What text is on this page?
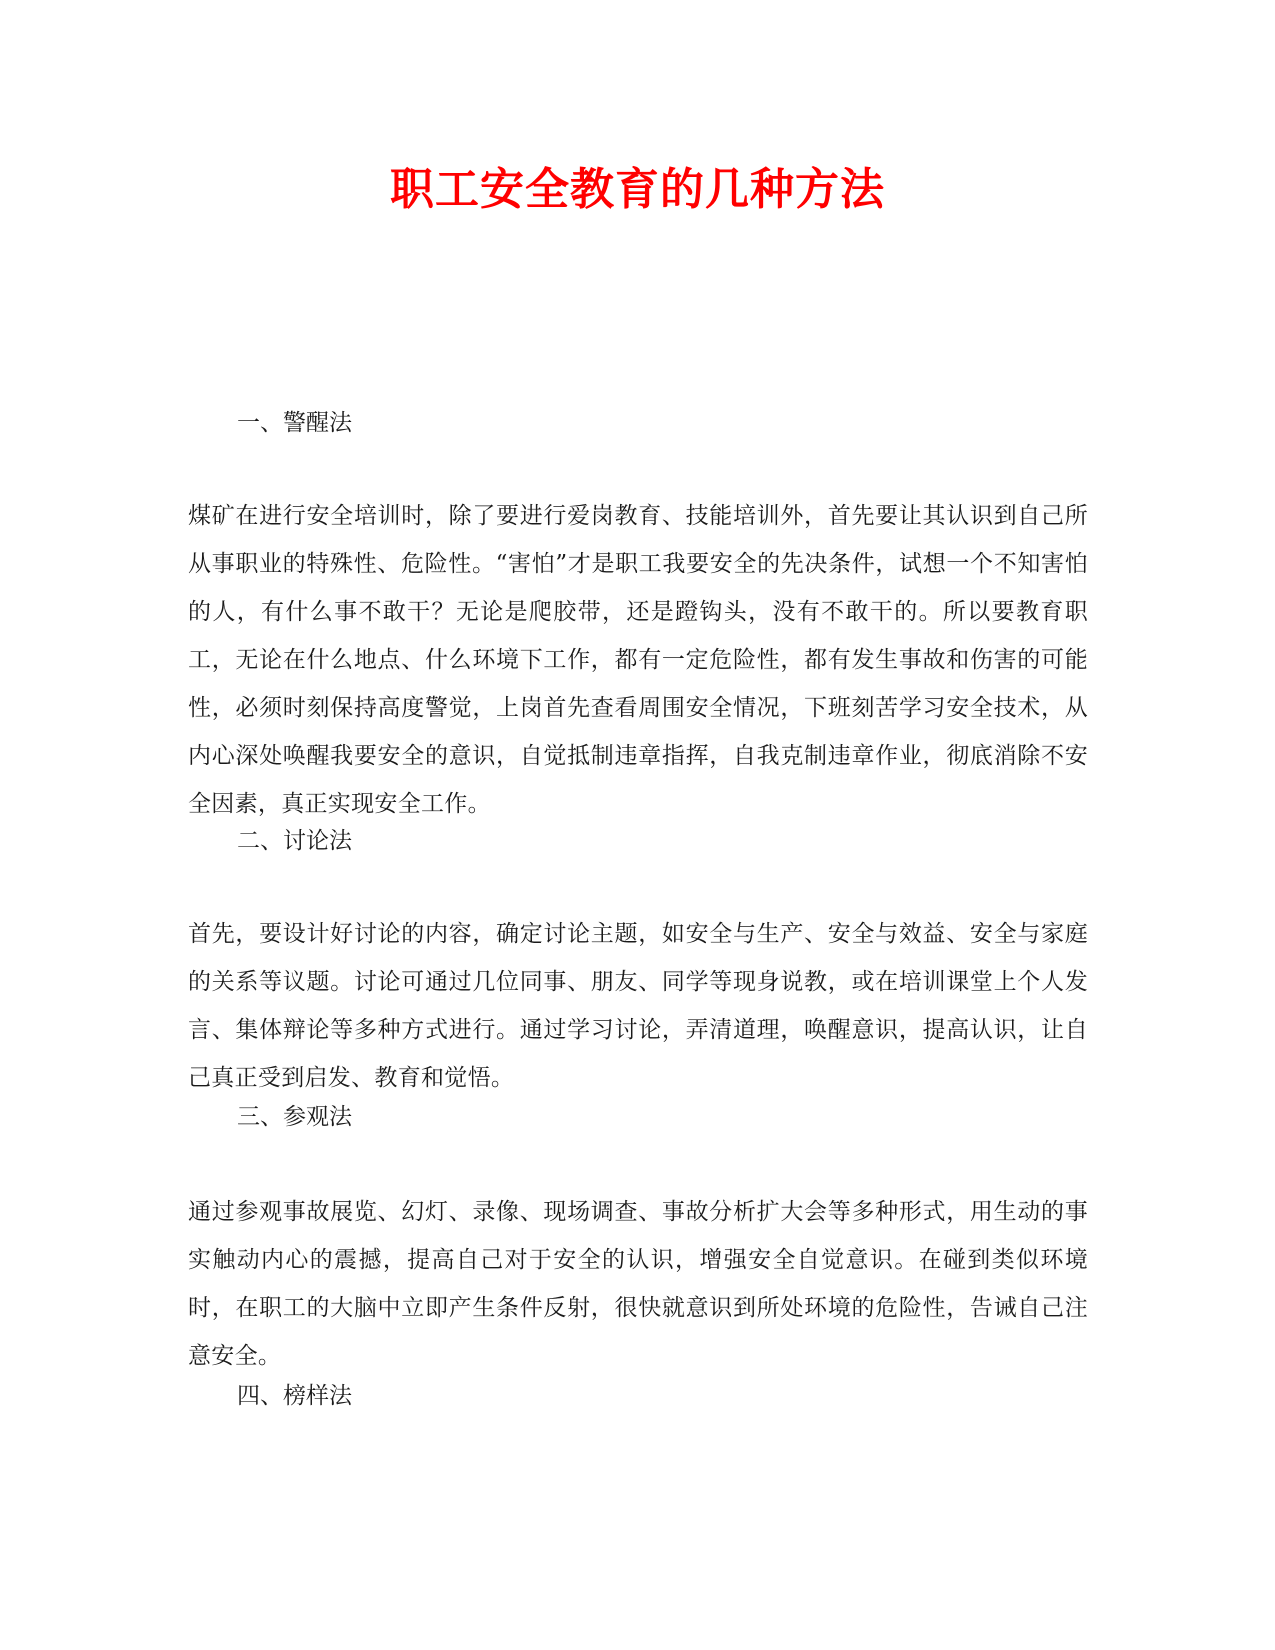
职工安全教育的几种方法

一、警醒法

煤矿在进行安全培训时，除了要进行爱岗教育、技能培训外，首先要让其认识到自己所从事职业的特殊性、危险性。“害怕”才是职工我要安全的先决条件，试想一个不知害怕的人，有什么事不敢干？无论是爬胶带，还是蹬钩头，没有不敢干的。所以要教育职工，无论在什么地点、什么环境下工作，都有一定危险性，都有发生事故和伤害的可能性，必须时刻保持高度警觉，上岗首先查看周围安全情况，下班刻苦学习安全技术，从内心深处唤醒我要安全的意识，自觉抵制违章指挥，自我克制违章作业，彻底消除不安全因素，真正实现安全工作。

二、讨论法

首先，要设计好讨论的内容，确定讨论主题，如安全与生产、安全与效益、安全与家庭的关系等议题。讨论可通过几位同事、朋友、同学等现身说教，或在培训课堂上个人发言、集体辩论等多种方式进行。通过学习讨论，弄清道理，唤醒意识，提高认识，让自己真正受到启发、教育和觉悟。

三、参观法

通过参观事故展览、幻灯、录像、现场调查、事故分析扩大会等多种形式，用生动的事实触动内心的震撼，提高自己对于安全的认识，增强安全自觉意识。在碰到类似环境时，在职工的大脑中立即产生条件反射，很快就意识到所处环境的危险性，告诫自己注意安全。

四、榜样法
